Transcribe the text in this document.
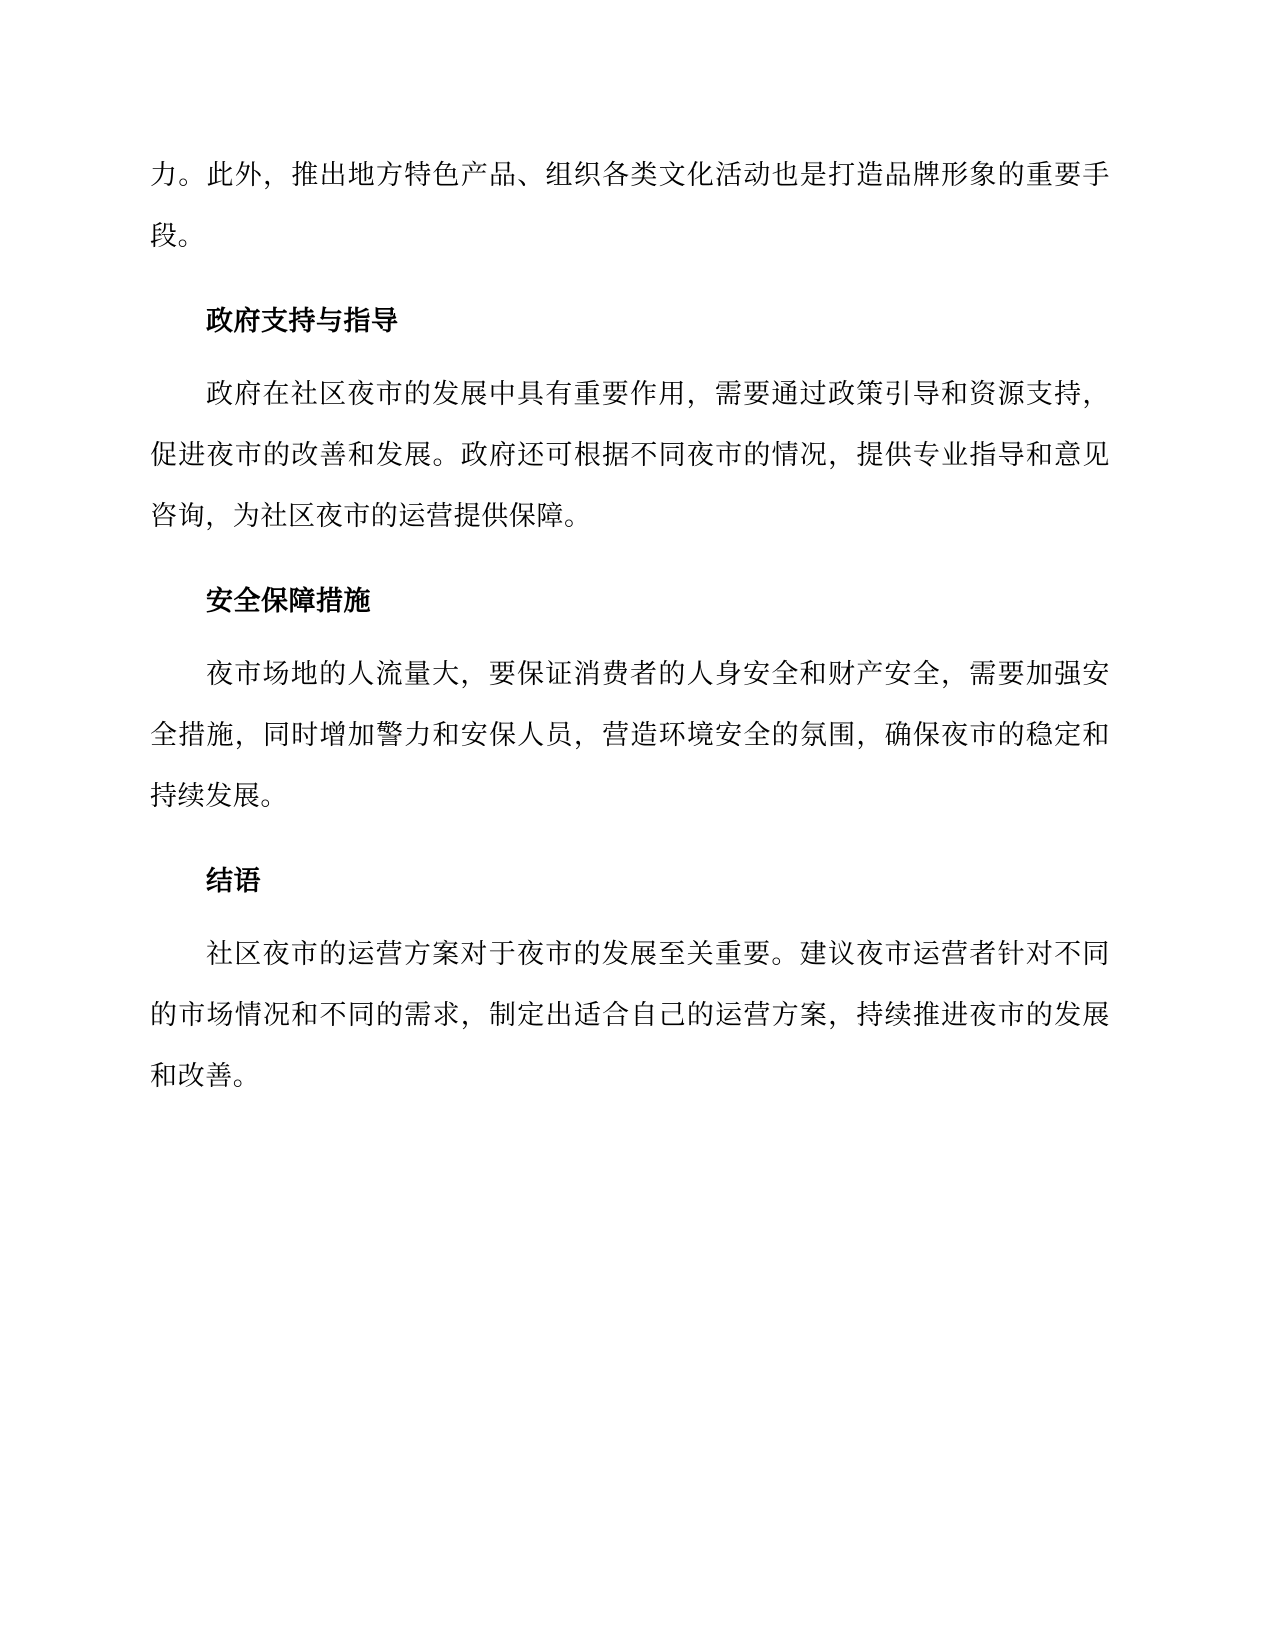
力。此外，推出地方特色产品、组织各类文化活动也是打造品牌形象的重要手段。

政府支持与指导

政府在社区夜市的发展中具有重要作用，需要通过政策引导和资源支持，促进夜市的改善和发展。政府还可根据不同夜市的情况，提供专业指导和意见咨询，为社区夜市的运营提供保障。

安全保障措施

夜市场地的人流量大，要保证消费者的人身安全和财产安全，需要加强安全措施，同时增加警力和安保人员，营造环境安全的氛围，确保夜市的稳定和持续发展。

结语

社区夜市的运营方案对于夜市的发展至关重要。建议夜市运营者针对不同的市场情况和不同的需求，制定出适合自己的运营方案，持续推进夜市的发展和改善。
